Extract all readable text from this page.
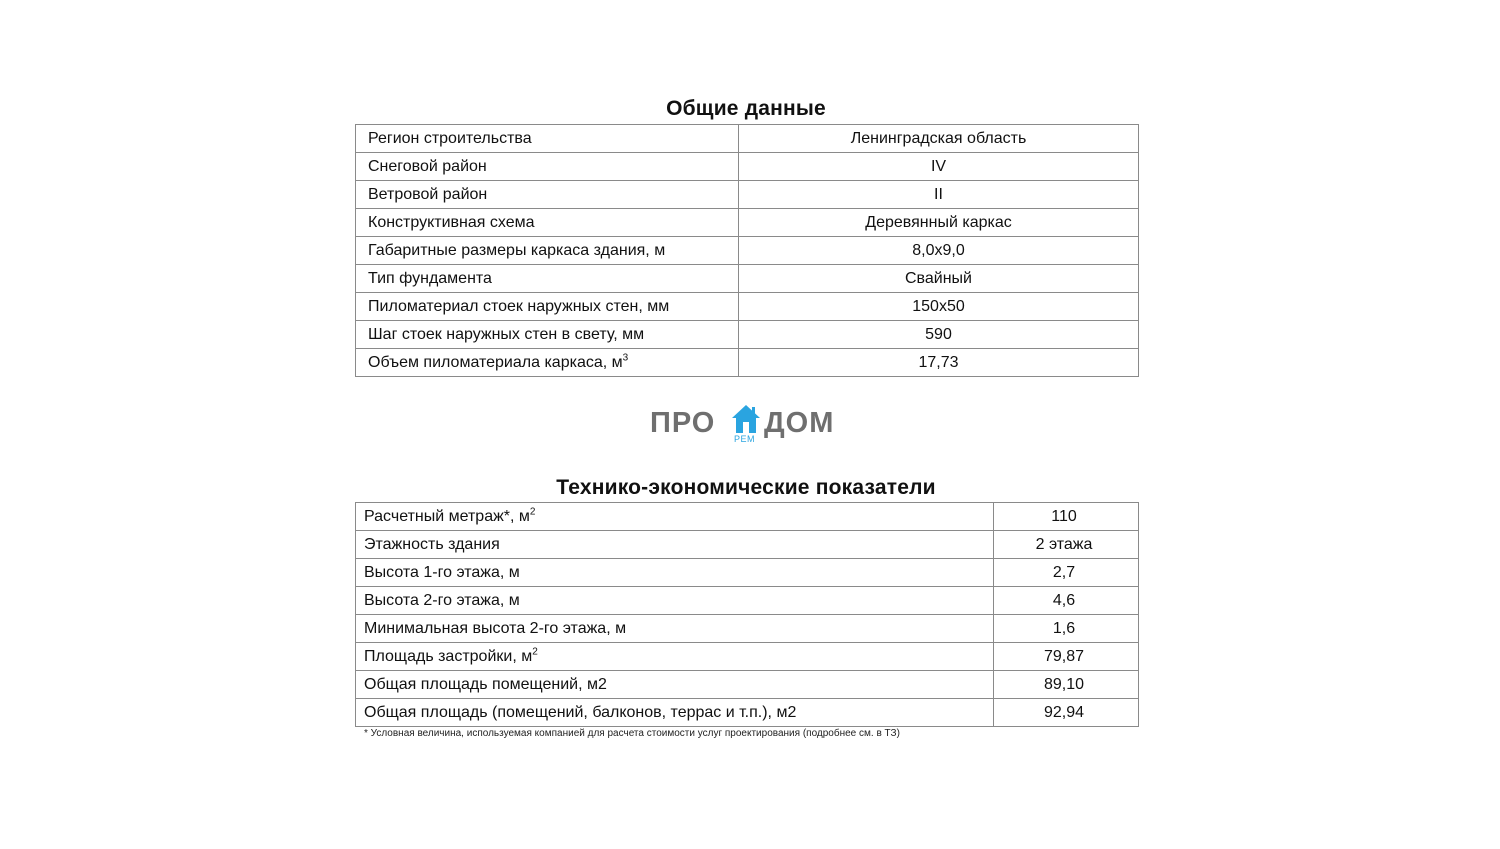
Общие данные
Регион строительства	Ленинградская область
Снеговой район	IV
Ветровой район	II
Конструктивная схема	Деревянный каркас
Габаритные размеры каркаса здания, м	8,0х9,0
Тип фундамента	Свайный
Пиломатериал стоек наружных стен, мм	150х50
Шаг стоек наружных стен в свету, мм	590
Объем пиломатериала каркаса, $м^3$	17,73
ПРО РЕМ ДОМ
Технико-экономические показатели
Расчетный метраж*, $м^2$	110
Этажность здания	2 этажа
Высота 1-го этажа, м	2,7
Высота 2-го этажа, м	4,6
Минимальная высота 2-го этажа, м	1,6
Площадь застройки, $м^2$	79,87
Общая площадь помещений, м2	89,10
Общая площадь (помещений, балконов, террас и т.п.), м2	92,94

* Условная величина, используемая компанией для расчета стоимости услуг проектирования (подробнее см. в ТЗ)
